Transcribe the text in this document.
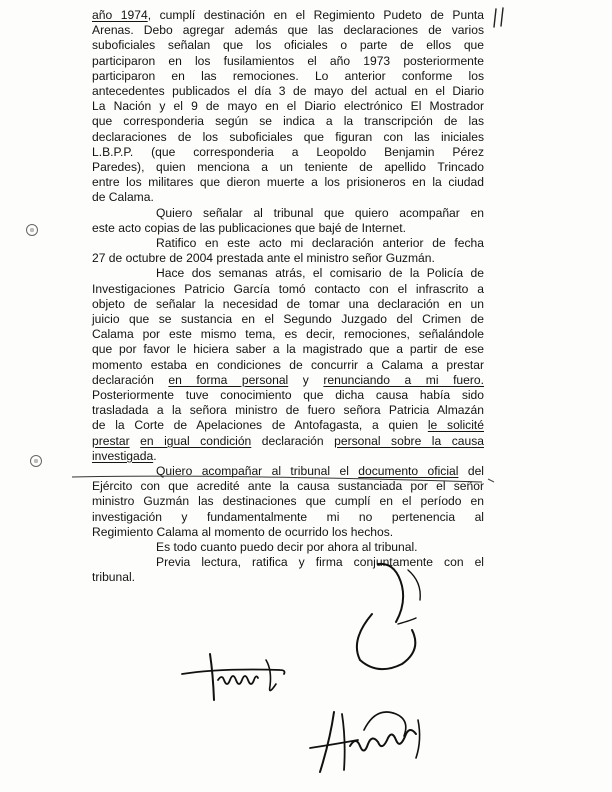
año 1974, cumplí destinación en el Regimiento Pudeto de Punta
Arenas. Debo agregar además que las declaraciones de varios
suboficiales señalan que los oficiales o parte de ellos que
participaron en los fusilamientos el año 1973 posteriormente
participaron en las remociones. Lo anterior conforme los
antecedentes publicados el día 3 de mayo del actual en el Diario
La Nación y el 9 de mayo en el Diario electrónico El Mostrador
que corresponderia según se indica a la transcripción de las
declaraciones de los suboficiales que figuran con las iniciales
L.B.P.P. (que corresponderia a Leopoldo Benjamin Pérez
Paredes), quien menciona a un teniente de apellido Trincado
entre los militares que dieron muerte a los prisioneros en la ciudad
de Calama.
Quiero señalar al tribunal que quiero acompañar en
este acto copias de las publicaciones que bajé de Internet.
Ratifico en este acto mi declaración anterior de fecha
27 de octubre de 2004 prestada ante el ministro señor Guzmán.
Hace dos semanas atrás, el comisario de la Policía de
Investigaciones Patricio García tomó contacto con el infrascrito a
objeto de señalar la necesidad de tomar una declaración en un
juicio que se sustancia en el Segundo Juzgado del Crimen de
Calama por este mismo tema, es decir, remociones, señalándole
que por favor le hiciera saber a la magistrado que a partir de ese
momento estaba en condiciones de concurrir a Calama a prestar
declaración en forma personal y renunciando a mi fuero.
Posteriormente tuve conocimiento que dicha causa había sido
trasladada a la señora ministro de fuero señora Patricia Almazán
de la Corte de Apelaciones de Antofagasta, a quien le solicité
prestar en igual condición declaración personal sobre la causa
investigada.
Quiero acompañar al tribunal el documento oficial del
Ejército con que acredité ante la causa sustanciada por el señor
ministro Guzmán las destinaciones que cumplí en el período en
investigación y fundamentalmente mi no pertenencia al
Regimiento Calama al momento de ocurrido los hechos.
Es todo cuanto puedo decir por ahora al tribunal.
Previa lectura, ratifica y firma conjuntamente con el
tribunal.
